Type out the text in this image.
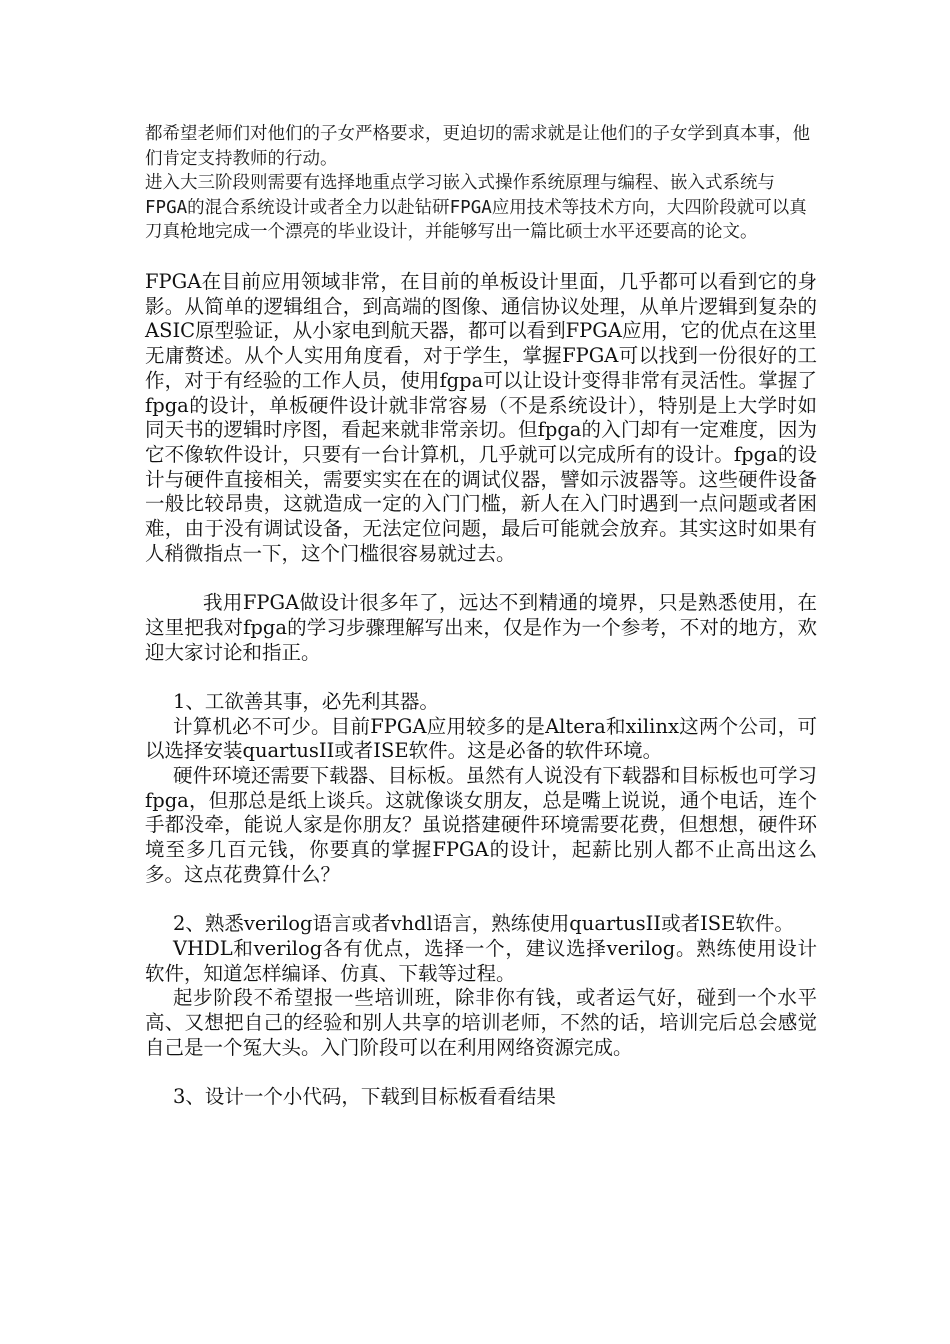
都希望老师们对他们的子女严格要求，更迫切的需求就是让他们的子女学到真本事，他们肯定支持教师的行动。

进入大三阶段则需要有选择地重点学习嵌入式操作系统原理与编程、嵌入式系统与FPGA的混合系统设计或者全力以赴钻研FPGA应用技术等技术方向，大四阶段就可以真刀真枪地完成一个漂亮的毕业设计，并能够写出一篇比硕士水平还要高的论文。

FPGA在目前应用领域非常，在目前的单板设计里面，几乎都可以看到它的身影。从简单的逻辑组合，到高端的图像、通信协议处理，从单片逻辑到复杂的ASIC原型验证，从小家电到航天器，都可以看到FPGA应用，它的优点在这里无庸赘述。从个人实用角度看，对于学生，掌握FPGA可以找到一份很好的工作，对于有经验的工作人员，使用fgpa可以让设计变得非常有灵活性。掌握了fpga的设计，单板硬件设计就非常容易（不是系统设计），特别是上大学时如同天书的逻辑时序图，看起来就非常亲切。但fpga的入门却有一定难度，因为它不像软件设计，只要有一台计算机，几乎就可以完成所有的设计。fpga的设计与硬件直接相关，需要实实在在的调试仪器，譬如示波器等。这些硬件设备一般比较昂贵，这就造成一定的入门门槛，新人在入门时遇到一点问题或者困难，由于没有调试设备，无法定位问题，最后可能就会放弃。其实这时如果有人稍微指点一下，这个门槛很容易就过去。

我用FPGA做设计很多年了，远达不到精通的境界，只是熟悉使用，在这里把我对fpga的学习步骤理解写出来，仅是作为一个参考，不对的地方，欢迎大家讨论和指正。

1、工欲善其事，必先利其器。

计算机必不可少。目前FPGA应用较多的是Altera和xilinx这两个公司，可以选择安装quartusII或者ISE软件。这是必备的软件环境。

硬件环境还需要下载器、目标板。虽然有人说没有下载器和目标板也可学习fpga，但那总是纸上谈兵。这就像谈女朋友，总是嘴上说说，通个电话，连个手都没牵，能说人家是你朋友？虽说搭建硬件环境需要花费，但想想，硬件环境至多几百元钱，你要真的掌握FPGA的设计，起薪比别人都不止高出这么多。这点花费算什么？

2、熟悉verilog语言或者vhdl语言，熟练使用quartusII或者ISE软件。

VHDL和verilog各有优点，选择一个，建议选择verilog。熟练使用设计软件，知道怎样编译、仿真、下载等过程。

起步阶段不希望报一些培训班，除非你有钱，或者运气好，碰到一个水平高、又想把自己的经验和别人共享的培训老师，不然的话，培训完后总会感觉自己是一个冤大头。入门阶段可以在利用网络资源完成。

3、设计一个小代码，下载到目标板看看结果
